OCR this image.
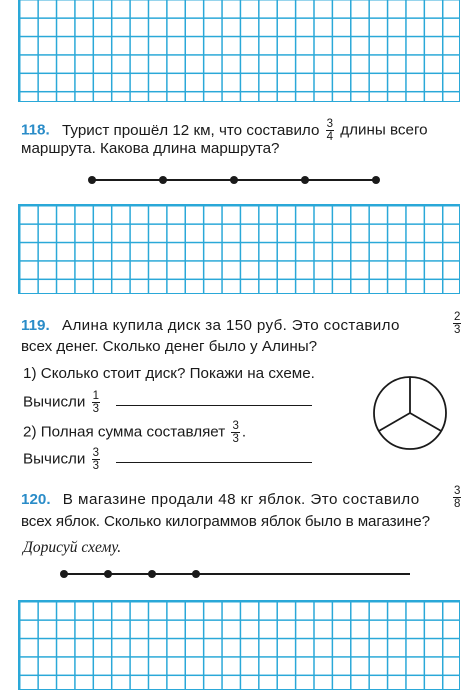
118. Турист прошёл 12 км, что составило $\frac{3}{4}$ длины всего
маршрута. Какова длина маршрута?
119. Алина купила диск за 150 руб. Это составило	$\frac{2}{3}$
всех денег. Сколько денег было у Алины?
1) Сколько стоит диск? Покажи на схеме.
Вычисли $\frac{1}{3}$
2) Полная сумма составляет $\frac{3}{3}$ .
Вычисли $\frac{3}{3}$
120. В магазине продали 48 кг яблок. Это составило	$\frac{3}{8}$
всех яблок. Сколько килограммов яблок было в магазине?
Дорисуй схему.
